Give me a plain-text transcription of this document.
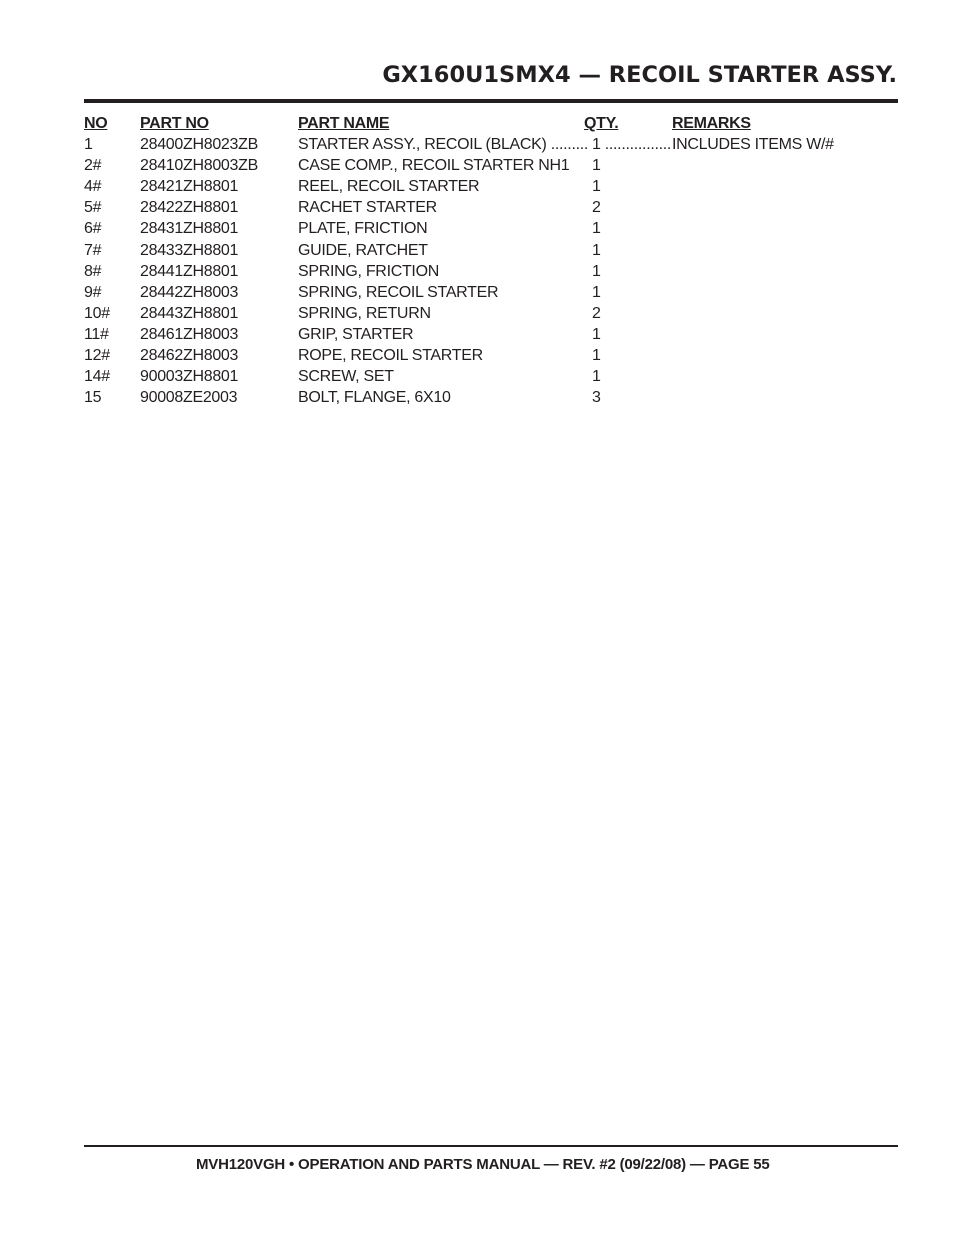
GX160U1SMX4 — RECOIL STARTER ASSY.
NO PART NO	PART NAME	QTY.	REMARKS
1	28400ZH8023ZB	STARTER ASSY., RECOIL (BLACK) ......... 1 ................ INCLUDES ITEMS W/#
2# 28410ZH8003ZB	CASE COMP., RECOIL STARTER NH1 1
4# 28421ZH8801	REEL, RECOIL STARTER	1
5# 28422ZH8801	RACHET STARTER	2
6# 28431ZH8801	PLATE, FRICTION	1
7# 28433ZH8801	GUIDE, RATCHET	1
8# 28441ZH8801	SPRING, FRICTION	1
9# 28442ZH8003	SPRING, RECOIL STARTER	1
10# 28443ZH8801	SPRING, RETURN	2
11# 28461ZH8003	GRIP, STARTER	1
12# 28462ZH8003	ROPE, RECOIL STARTER	1
14# 90003ZH8801	SCREW, SET	1
15 90008ZE2003	BOLT, FLANGE, 6X10	3
MVH120VGH • OPERATION AND PARTS MANUAL — REV. #2 (09/22/08) — PAGE 55
